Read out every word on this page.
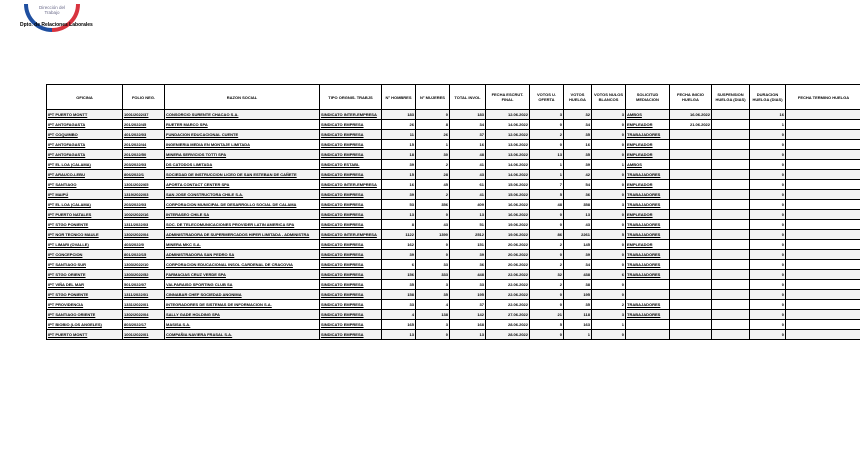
Dirección del
Trabajo
Dpto. de Relaciones Laborales
OFICINA	FOLIO NEG.	RAZON SOCIAL	TIPO ORGNIS. TRABJS	N° HOMBRES	N° MUJERES	TOTAL INVOL	FECHA ESCRUT. FINAL	VOTOS U. OFERTA	VOTOS HUELGA	VOTOS NULOS BLANCOS	SOLICITUD MEDIACION	FECHA INICIO HUELGA	SUSPENSION HUELGA (DIAS)	DURACION HUELGA (DIAS)	FECHA TERMINO HUELGA
IPT PUERTO MONTT	1001/2022/37	CONSORCIO SURENTE CHACAO S.A.	SINDICATO INTER-EMPRESA	183	0	183	12.06.2022	3	32	3	AMBOS	16.06.2022		16	
IPT ANTOFAGASTA	201/2022/45	RUETER MARCO SPA	SINDICATO EMPRESA	26	8	34	14.06.2022	0	34	0	EMPLEADOR	21.06.2022		1	
IPT COQUIMBO	401/2022/03	FUNDACION EDUCACIONAL CUENTE	SINDICATO EMPRESA	11	26	37	12.06.2022	2	35	0	TRABAJADORES			0	
IPT ANTOFAGASTA	201/2022/44	INGENIERIA MEDIA EN MONTAJE LIMITADA	SINDICATO EMPRESA	15	1	16	13.06.2022	0	16	0	EMPLEADOR			0	
IPT ANTOFAGASTA	201/2022/50	MINERA SERVICIOS TOTTI SPA	SINDICATO EMPRESA	18	30	48	13.06.2022	13	35	0	EMPLEADOR			0	
IPT EL LOA (CALAMA)	203/2022/03	DS CATODOS LIMITADA	SINDICATO ESTABL	39	2	41	14.06.2022	1	39	1	AMBOS			0	
IPT ARAUCO-LEBU	806/2022/1	SOCIEDAD DE INSTRUCCION LICEO DE SAN ESTEBAN DE CAÑETE	SINDICATO EMPRESA	15	28	43	14.06.2022	1	42	0	TRABAJADORES			0	
IPT SANTIAGO	1301/2022/65	APORTA CONTACT CENTER SPA	SINDICATO INTER-EMPRESA	16	45	61	15.06.2022	7	54	0	EMPLEADOR			0	
IPT MAIPÚ	1319/2022/03	SAN JOSE CONSTRUCTORA CHILE S.A.	SINDICATO EMPRESA	39	2	41	15.06.2022	5	36	0	TRABAJADORES			0	
IPT EL LOA (CALAMA)	203/2022/03	CORPORACION MUNICIPAL DE DESARROLLO SOCIAL DE CALAMA	SINDICATO EMPRESA	53	356	409	16.06.2022	48	358	3	TRABAJADORES			0	
IPT PUERTO NATALES	1002/2022/16	INTERASEO CHILE SA	SINDICATO EMPRESA	13	0	13	16.06.2022	0	13	0	EMPLEADOR			0	
IPT STGO PONIENTE	1311/2022/03	SOC. DE TELECOMUNICACIONES PROVIDER LATIN AMERICA SPA	SINDICATO EMPRESA	8	43	51	19.06.2022	0	43	0	TRABAJADORES			0	
IPT NOR TECNICO MAULE	1302/2022/04	ADMINISTRADORA DE SUPERMERCADOS HIPER LIMITADA - ADMINISTRA	SINDICATO INTER-EMPRESA	1122	1390	2512	19.06.2022	86	2261	5	TRABAJADORES			0	
IPT LIMARI (OVALLE)	403/2022/0	MINERA MKC S.A.	SINDICATO EMPRESA	162	0	151	20.06.2022	2	145	0	EMPLEADOR			0	
IPT CONCEPCION	801/2022/15	ADMINISTRADORA SAN PEDRO SA	SINDICATO EMPRESA	39	0	39	20.06.2022	0	39	0	TRABAJADORES			0	
IPT SANTIAGO SUR	1303/2022/10	CORPORACION EDUCACIONAL INSOL CARDENAL DE CRACOVIA	SINDICATO EMPRESA	6	33	36	20.06.2022	2	34	0	TRABAJADORES			0	
IPT STGO ORIENTE	1303/2022/52	FARMACIAS CRUZ VERDE SPA	SINDICATO EMPRESA	156	333	448	22.06.2022	32	438	6	TRABAJADORES			0	
IPT VIÑA DEL MAR	501/2022/07	VALPARAISO SPORTING CLUB SA	SINDICATO EMPRESA	35	3	33	22.06.2022	2	38	0				0	
IPT STGO PONIENTE	1311/2022/01	CINNABAR CHEF SOCIEDAD ANONIMA	SINDICATO EMPRESA	158	35	195	22.06.2022	0	195	0				0	
IPT PROVIDENCIA	1331/2022/01	INTEGRADORES DE SISTEMAS DE INFORMACION S.A.	SINDICATO EMPRESA	33	4	37	22.06.2022	0	35	2	TRABAJADORES			0	
IPT SANTIAGO ORIENTE	1302/2022/04	SALLY GADE HOLDING SPA	SINDICATO EMPRESA	4	138	142	27.06.2022	21	118	3	TRABAJADORES			0	
IPT BIOBIO (LOS ANGELES)	803/2022/17	MASISA S.A.	SINDICATO EMPRESA	165	3	168	28.06.2022	5	163	1				0	
IPT PUERTO MONTT	1001/2022/01	COMPAÑIA NAVIERA FRASAL S.A.	SINDICATO EMPRESA	13	0	13	28.06.2022	0	1	0				0	
